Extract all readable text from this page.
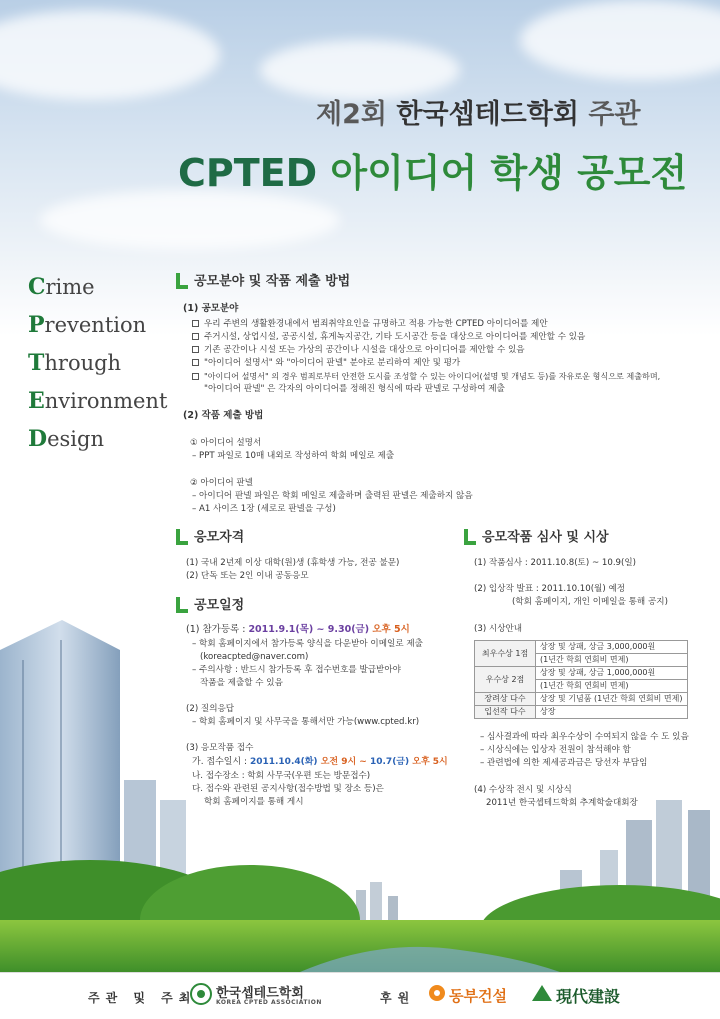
제2회 한국셉테드학회 주관
CPTED 아이디어 학생 공모전
Crime
Prevention
Through
Environment
Design
공모분야 및 작품 제출 방법
(1) 공모분야
우리 주변의 생활환경내에서 범죄취약요인을 규명하고 적용 가능한 CPTED 아이디어를 제안
주거시설, 상업시설, 공공시설, 휴게녹지공간, 기타 도시공간 등을 대상으로 아이디어를 제안할 수 있음
기존 공간이나 시설 또는 가상의 공간이나 시설을 대상으로 아이디어를 제안할 수 있음
"아이디어 설명서" 와 "아이디어 판넬" 분야로 분리하여 제안 및 평가
"아이디어 설명서" 의 경우 범죄로부터 안전한 도시를 조성할 수 있는 아이디어(설명 및 개념도 등)를 자유로운 형식으로 제출하며,
"아이디어 판넬" 은 각자의 아이디어를 정해진 형식에 따라 판넬로 구성하여 제출
(2) 작품 제출 방법
① 아이디어 설명서
– PPT 파일로 10매 내외로 작성하여 학회 메일로 제출
② 아이디어 판넬
– 아이디어 판넬 파일은 학회 메일로 제출하며 출력된 판넬은 제출하지 않음
– A1 사이즈 1장 (세로로 판넬을 구성)
응모자격
(1) 국내 2년제 이상 대학(원)생 (휴학생 가능, 전공 불문)
(2) 단독 또는 2인 이내 공동응모
공모일정
(1) 참가등록 : 2011.9.1(목) ~ 9.30(금) 오후 5시
– 학회 홈페이지에서 참가등록 양식을 다운받아 이메일로 제출
(koreacpted@naver.com)
– 주의사항 : 반드시 참가등록 후 접수번호를 발급받아야
작품을 제출할 수 있음
(2) 질의응답
– 학회 홈페이지 및 사무국을 통해서만 가능(www.cpted.kr)
(3) 응모작품 접수
가. 접수일시 : 2011.10.4(화) 오전 9시 ~ 10.7(금) 오후 5시
나. 접수장소 : 학회 사무국(우편 또는 방문접수)
다. 접수와 관련된 공지사항(접수방법 및 장소 등)은
학회 홈페이지를 통해 게시
응모작품 심사 및 시상
(1) 작품심사 : 2011.10.8(토) ~ 10.9(일)
(2) 입상작 발표 : 2011.10.10(월) 예정
(학회 홈페이지, 개인 이메일을 통해 공지)
(3) 시상안내
최우수상 1점	상장 및 상패, 상금 3,000,000원
	(1년간 학회 연회비 면제)
우수상 2점	상장 및 상패, 상금 1,000,000원
	(1년간 학회 연회비 면제)
장려상 다수	상장 및 기념품 (1년간 학회 연회비 면제)
입선작 다수	상장
– 심사결과에 따라 최우수상이 수여되지 않을 수 도 있음
– 시상식에는 입상자 전원이 참석해야 함
– 관련법에 의한 제세공과금은 당선자 부담임
(4) 수상작 전시 및 시상식
2011년 한국셉테드학회 추계학술대회장
주관 및 주최 한국셉테드학회
KOREA CPTED ASSOCIATION	후원 동부건설	現代建設
